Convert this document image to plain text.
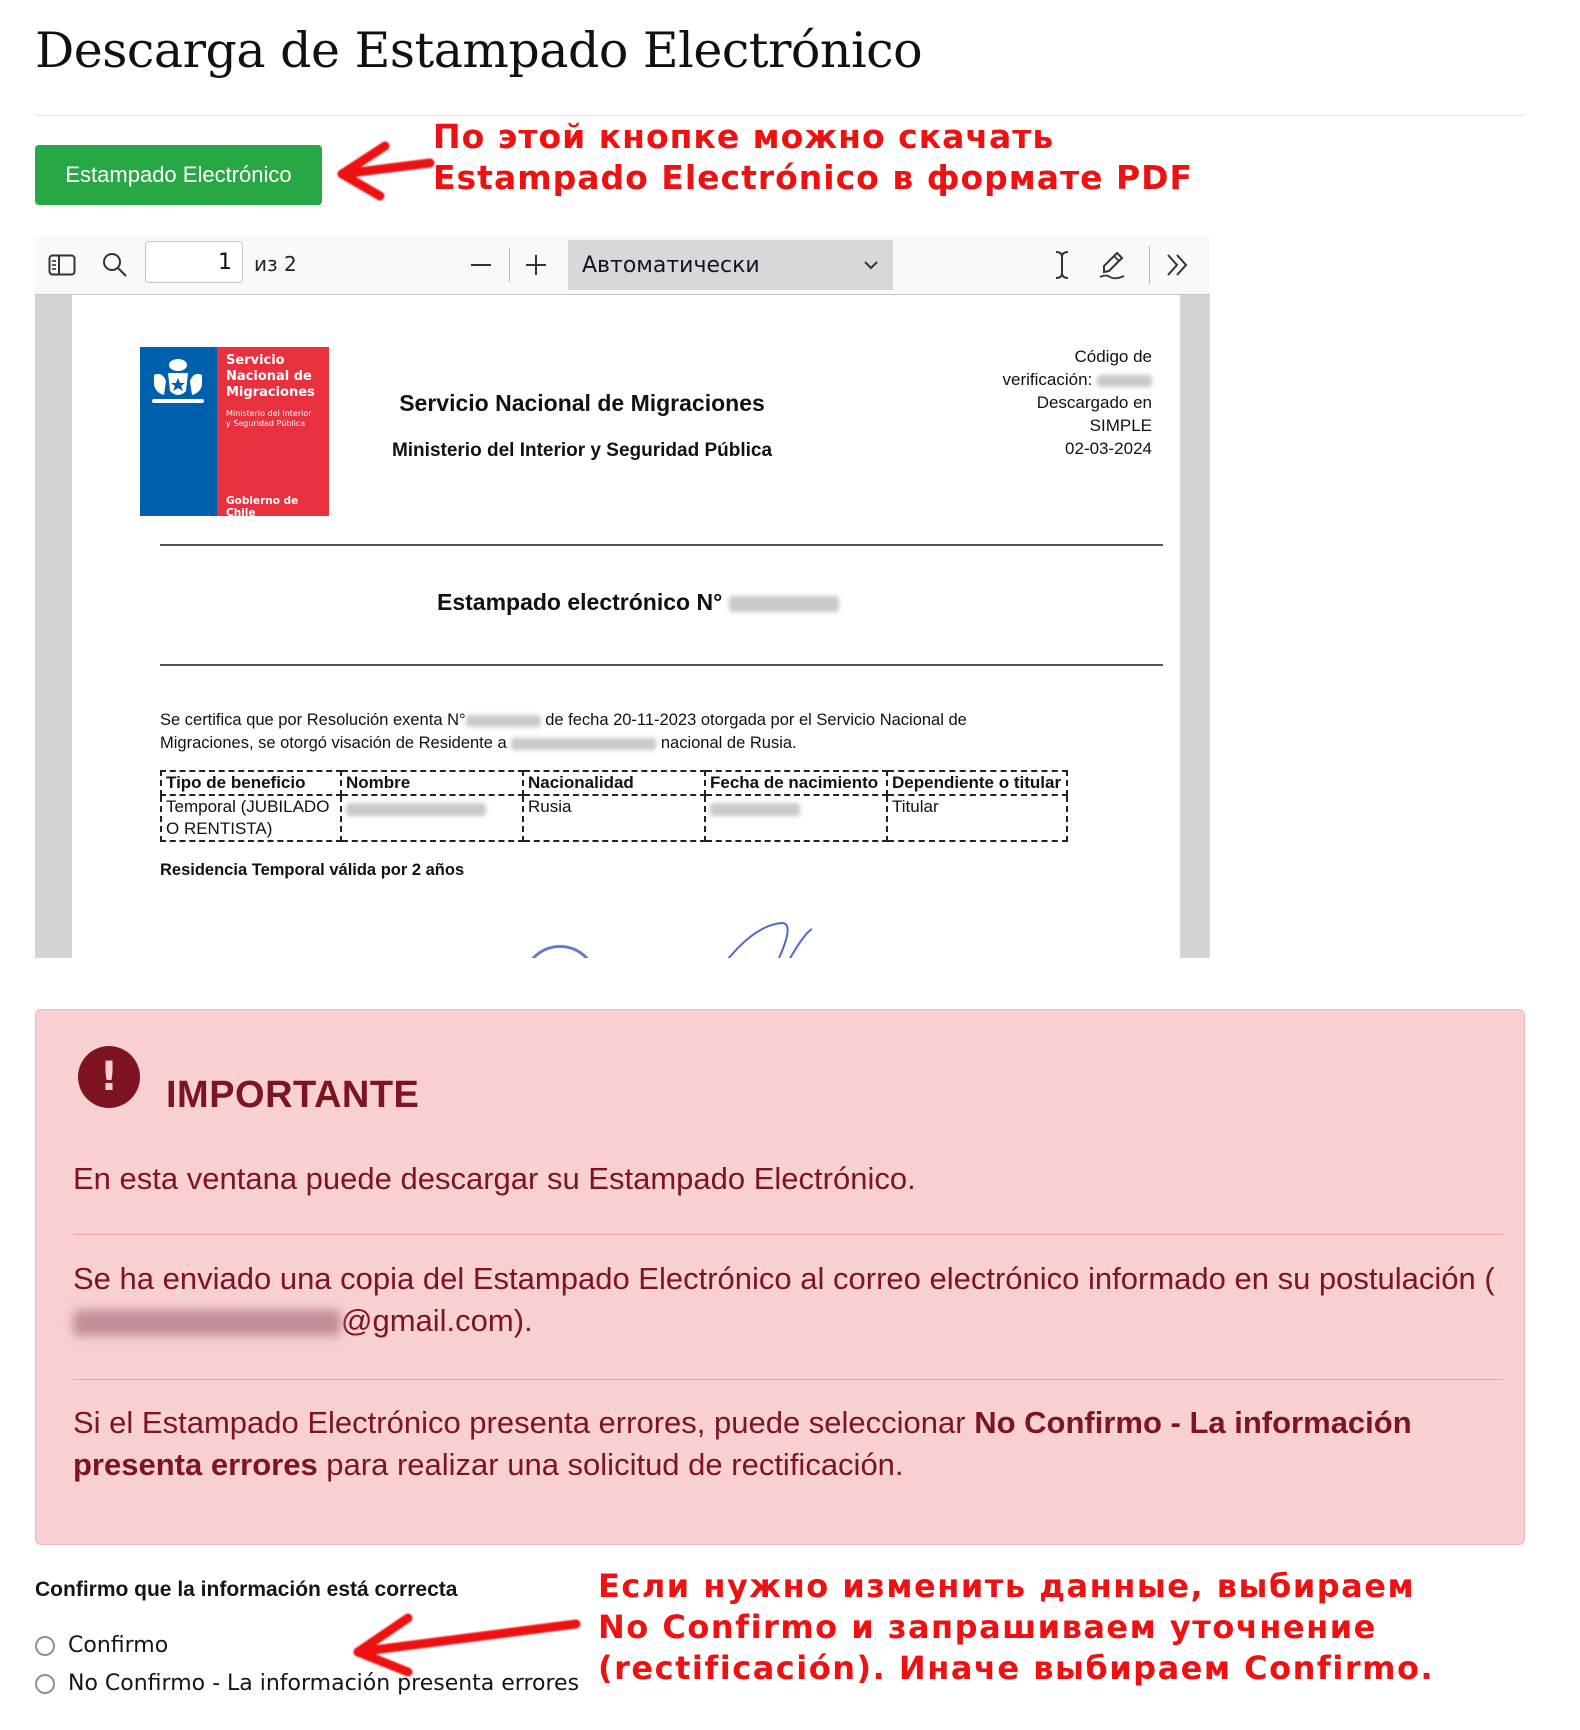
Descarga de Estampado Electrónico
Estampado Electrónico
По этой кнопке можно скачать
Estampado Electrónico в формате PDF
1
из 2	Автоматически
Servicio
Nacional de
Migraciones
Ministerio del Interior
y Seguridad Pública
Gobierno de Chile
Servicio Nacional de Migraciones
Ministerio del Interior y Seguridad Pública
Código de
verificación:
Descargado en
SIMPLE
02-03-2024
Estampado electrónico N°
Se certifica que por Resolución exenta N°	de fecha 20-11-2023 otorgada por el Servicio Nacional de
Migraciones, se otorgó visación de Residente a	nacional de Rusia.
Tipo de beneficio	Nombre	Nacionalidad	Fecha de nacimiento	Dependiente o titular
Temporal (JUBILADO O RENTISTA)		Rusia		Titular
Residencia Temporal válida por 2 años
!	IMPORTANTE
En esta ventana puede descargar su Estampado Electrónico.
Se ha enviado una copia del Estampado Electrónico al correo electrónico informado en su postulación (@gmail.com).
Si el Estampado Electrónico presenta errores, puede seleccionar No Confirmo - La información presenta errores para realizar una solicitud de rectificación.
Confirmo que la información está correcta
Confirmo
No Confirmo - La información presenta errores
Если нужно изменить данные, выбираем
No Confirmo и запрашиваем уточнение
(rectificación). Иначе выбираем Confirmo.
